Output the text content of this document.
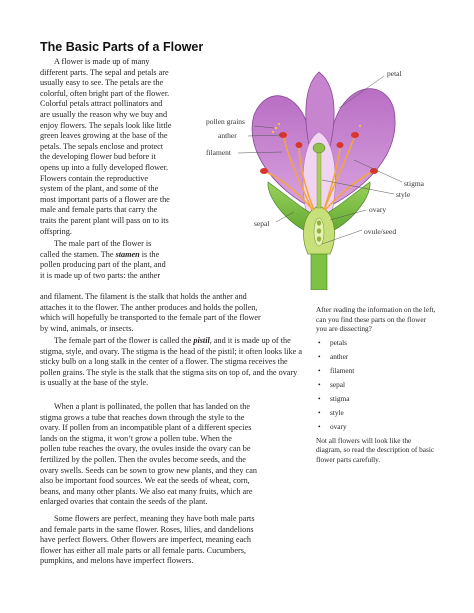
The Basic Parts of a Flower

A flower is made up of many
different parts. The sepal and petals are
usually easy to see. The petals are the
colorful, often bright part of the flower.
Colorful petals attract pollinators and
are usually the reason why we buy and
enjoy flowers. The sepals look like little
green leaves growing at the base of the
petals. The sepals enclose and protect
the developing flower bud before it
opens up into a fully developed flower.
Flowers contain the reproductive
system of the plant, and some of the
most important parts of a flower are the
male and female parts that carry the
traits the parent plant will pass on to its
offspring.

The male part of the flower is
called the stamen. The stamen is the
pollen producing part of the plant, and
it is made up of two parts: the anther

and filament. The filament is the stalk that holds the anther and
attaches it to the flower. The anther produces and holds the pollen,
which will hopefully be transported to the female part of the flower
by wind, animals, or insects.

The female part of the flower is called the pistil, and it is made up of the stigma, style, and ovary. The stigma is the head of the pistil; it often looks like a sticky bulb on a long stalk in the center of a flower. The stigma receives the pollen grains. The style is the stalk that the stigma sits on top of, and the ovary is usually at the base of the style.

When a plant is pollinated, the pollen that has landed on the
stigma grows a tube that reaches down through the style to the
ovary. If pollen from an incompatible plant of a different species
lands on the stigma, it won’t grow a pollen tube. When the
pollen tube reaches the ovary, the ovules inside the ovary can be
fertilized by the pollen. Then the ovules become seeds, and the
ovary swells. Seeds can be sown to grow new plants, and they can
also be important food sources. We eat the seeds of wheat, corn,
beans, and many other plants. We also eat many fruits, which are
enlarged ovaries that contain the seeds of the plant.
Some flowers are perfect, meaning they have both male parts
and female parts in the same flower. Roses, lilies, and dandelions
have perfect flowers. Other flowers are imperfect, meaning each
flower has either all male parts or all female parts. Cucumbers,
pumpkins, and melons have imperfect flowers.
petal
pollen grains
anther
filament
stigma
style
ovary
sepal
ovule/seed
After reading the information on the left, can you find these parts on the flower you are dissecting?
• petals
• anther
• filament
• sepal
• stigma
• style
• ovary
Not all flowers will look like the diagram, so read the description of basic flower parts carefully.
